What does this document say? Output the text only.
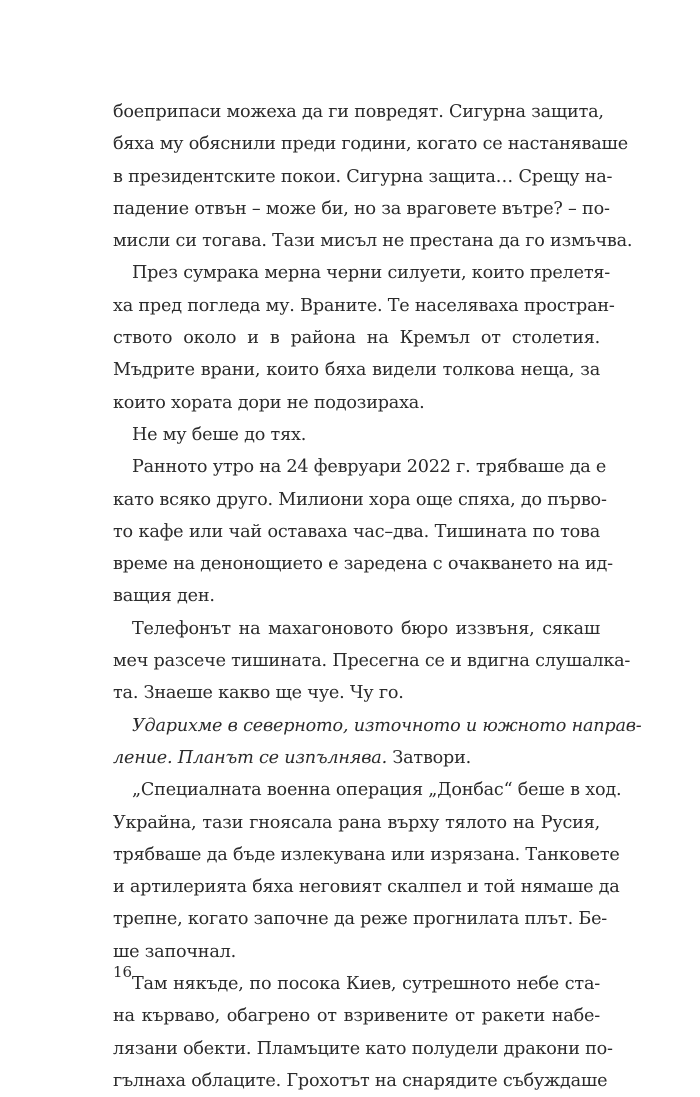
боеприпаси можеха да ги повредят. Сигурна защита,
бяха му обяснили преди години, когато се настаняваше
в президентските покои. Сигурна защита… Срещу на-
падение отвън – може би, но за враговете вътре? – по-
мисли си тогава. Тази мисъл не престана да го измъчва.
През сумрака мерна черни силуети, които прелетя-
ха пред погледа му. Враните. Те населяваха простран-
ството около и в района на Кремъл от столетия.
Мъдрите врани, които бяха видели толкова неща, за
които хората дори не подозираха.
Не му беше до тях.
Ранното утро на 24 февруари 2022 г. трябваше да е
като всяко друго. Милиони хора още спяха, до първо-
то кафе или чай оставаха час–два. Тишината по това
време на денонощието е заредена с очакването на ид-
ващия ден.
Телефонът на махагоновото бюро иззвъня, сякаш
меч разсече тишината. Пресегна се и вдигна слушалка-
та. Знаеше какво ще чуе. Чу го.
Ударихме в северното, източното и южното направ-
ление. Планът се изпълнява. Затвори.
„Специалната военна операция „Донбас“ беше в ход.
Украйна, тази гноясала рана върху тялото на Русия,
трябваше да бъде излекувана или изрязана. Танковете
и артилерията бяха неговият скалпел и той нямаше да
трепне, когато започне да реже прогнилата плът. Бе-
ше започнал.
Там някъде, по посока Киев, сутрешното небе ста-
на кърваво, обагрено от взривените от ракети набе-
лязани обекти. Пламъците като полудели дракони по-
гълнаха облаците. Грохотът на снарядите събуждаше
16
